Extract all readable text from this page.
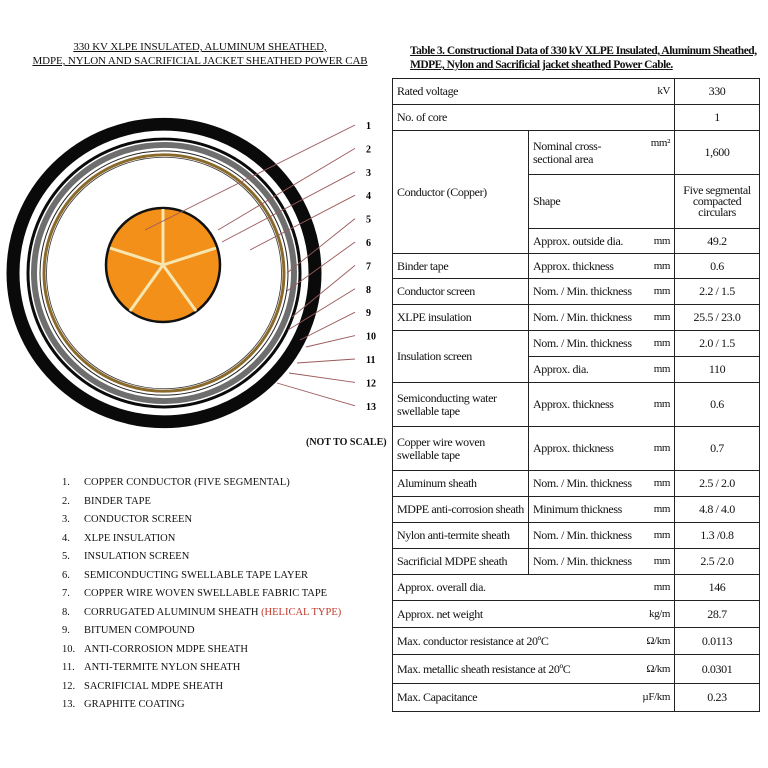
330 KV XLPE INSULATED, ALUMINUM SHEATHED,
MDPE, NYLON AND SACRIFICIAL JACKET SHEATHED POWER CAB
1
2
3
4
5
6
7
8
9
10
11
12
13
(NOT TO SCALE)
1. COPPER CONDUCTOR (FIVE SEGMENTAL)
2. BINDER TAPE
3. CONDUCTOR SCREEN
4. XLPE INSULATION
5. INSULATION SCREEN
6. SEMICONDUCTING SWELLABLE TAPE LAYER
7. COPPER WIRE WOVEN SWELLABLE FABRIC TAPE
8. CORRUGATED ALUMINUM SHEATH (HELICAL TYPE)
9. BITUMEN COMPOUND
10. ANTI-CORROSION MDPE SHEATH
11. ANTI-TERMITE NYLON SHEATH
12. SACRIFICIAL MDPE SHEATH
13. GRAPHITE COATING
Table 3. Constructional Data of 330 kV XLPE Insulated, Aluminum Sheathed,
MDPE, Nylon and Sacrificial jacket sheathed Power Cable.
Rated voltage		kV	330
No. of core			1
Conductor (Copper)	Nominal cross-sectional area	mm²	1,600
	Shape		Five segmental compacted circulars
	Approx. outside dia.	mm	49.2
Binder tape	Approx. thickness	mm	0.6
Conductor screen	Nom. / Min. thickness	mm	2.2 / 1.5
XLPE insulation	Nom. / Min. thickness	mm	25.5 / 23.0
Insulation screen	Nom. / Min. thickness	mm	2.0 / 1.5
	Approx. dia.	mm	110
Semiconducting water swellable tape	Approx. thickness	mm	0.6
Copper wire woven swellable tape	Approx. thickness	mm	0.7
Aluminum sheath	Nom. / Min. thickness	mm	2.5 / 2.0
MDPE anti-corrosion sheath	Minimum thickness	mm	4.8 / 4.0
Nylon anti-termite sheath	Nom. / Min. thickness	mm	1.3 /0.8
Sacrificial MDPE sheath	Nom. / Min. thickness	mm	2.5 /2.0
Approx. overall dia.		mm	146
Approx. net weight		kg/m	28.7
Max. conductor resistance at 20ºC		Ω/km	0.0113
Max. metallic sheath resistance at 20ºC		Ω/km	0.0301
Max. Capacitance		µF/km	0.23
